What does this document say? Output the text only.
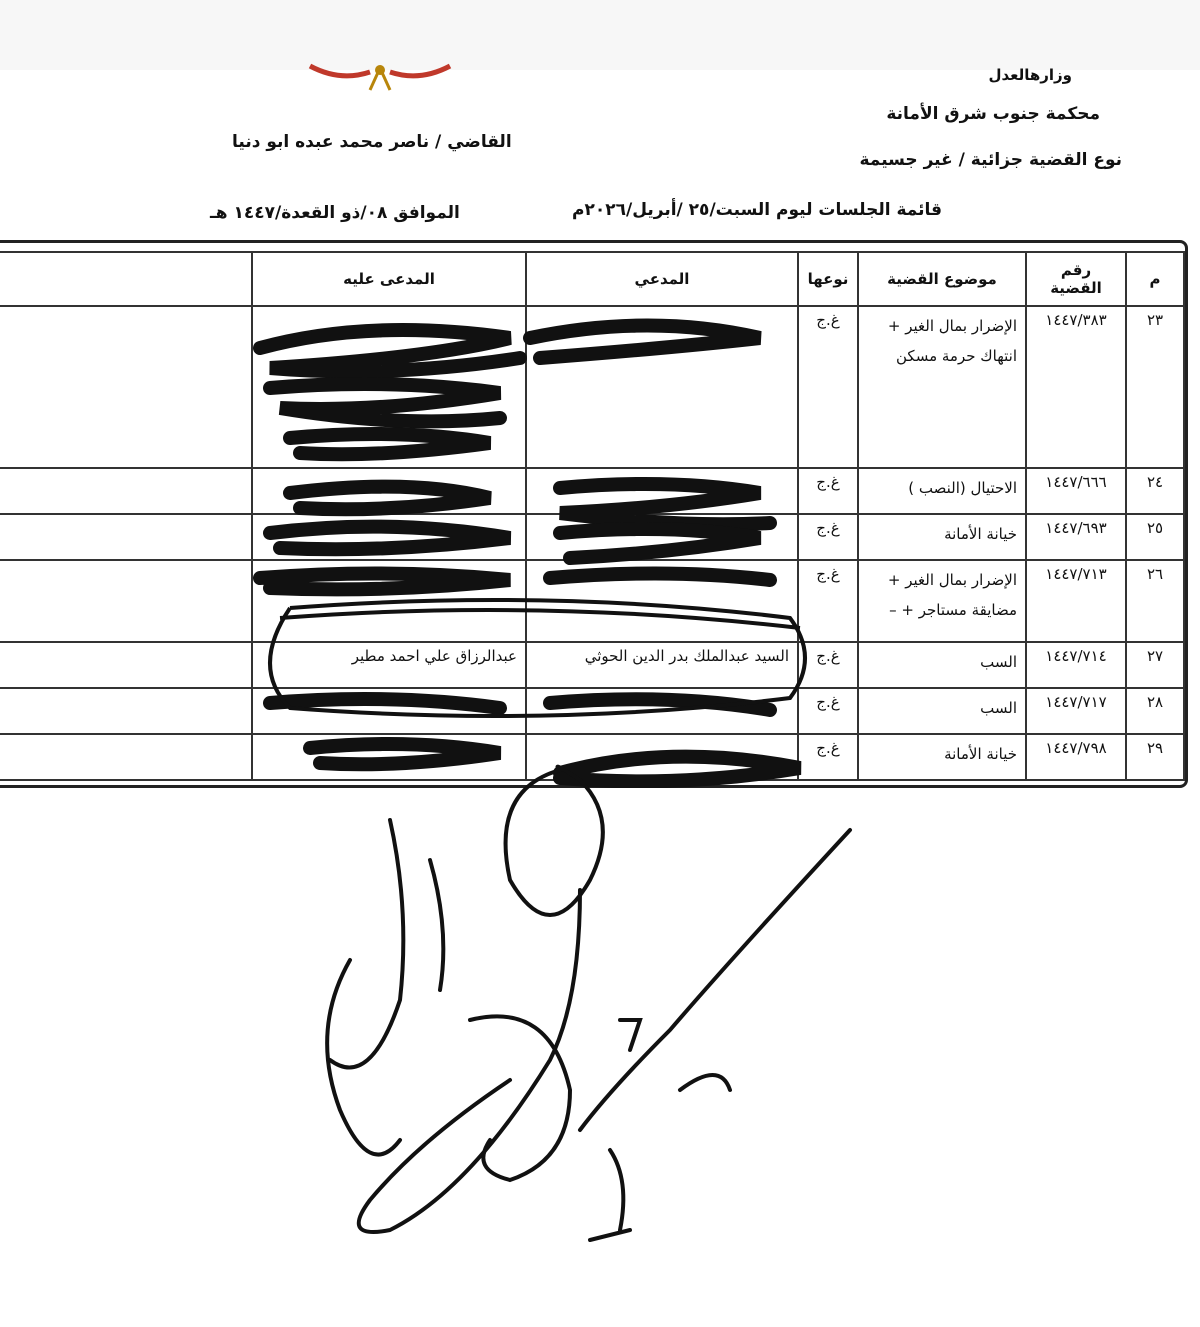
وزارهالعدل
محكمة جنوب شرق الأمانة
نوع القضية جزائية / غير جسيمة
القاضي / ناصر محمد عبده ابو دنيا
قائمة الجلسات ليوم السبت/٢٥ /أبريل/٢٠٢٦م
الموافق ٠٨/ذو القعدة/١٤٤٧ هـ
م	رقم القضية	موضوع القضية	نوعها	المدعي	المدعى عليه	
٢٣	١٤٤٧/٣٨٣	الإضرار بمال الغير + انتهاك حرمة مسكن	غ.ج			
٢٤	١٤٤٧/٦٦٦	الاحتيال (النصب )	غ.ج			
٢٥	١٤٤٧/٦٩٣	خيانة الأمانة	غ.ج			
٢٦	١٤٤٧/٧١٣	الإضرار بمال الغير + مضايقة مستاجر + –	غ.ج			
٢٧	١٤٤٧/٧١٤	السب	غ.ج	السيد عبدالملك بدر الدين الحوثي	عبدالرزاق علي احمد مطير	
٢٨	١٤٤٧/٧١٧	السب	غ.ج			
٢٩	١٤٤٧/٧٩٨	خيانة الأمانة	غ.ج			
